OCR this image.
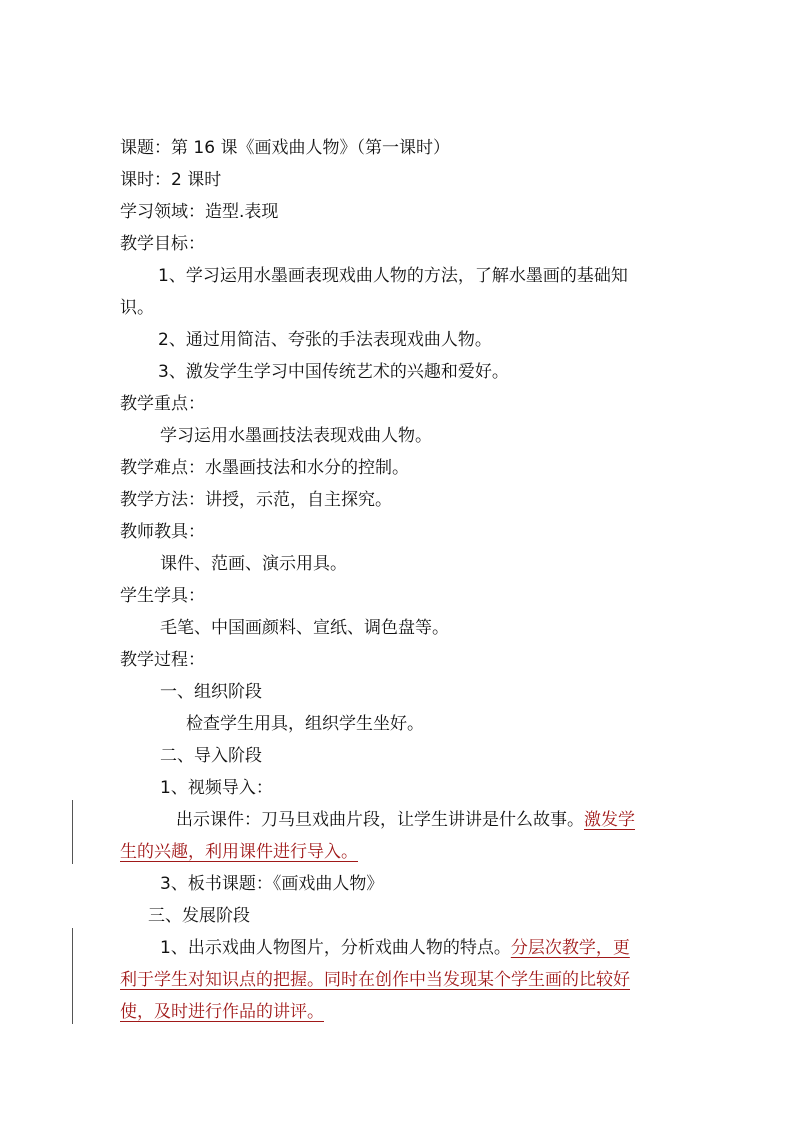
课题：第 16 课《画戏曲人物》（第一课时）
课时：2 课时
学习领域：造型.表现
教学目标：
1、学习运用水墨画表现戏曲人物的方法，了解水墨画的基础知
识。
2、通过用简洁、夸张的手法表现戏曲人物。
3、激发学生学习中国传统艺术的兴趣和爱好。
教学重点：
学习运用水墨画技法表现戏曲人物。
教学难点：水墨画技法和水分的控制。
教学方法：讲授，示范，自主探究。
教师教具：
课件、范画、演示用具。
学生学具：
毛笔、中国画颜料、宣纸、调色盘等。
教学过程：
一、组织阶段
检查学生用具，组织学生坐好。
二、导入阶段
1、视频导入：
出示课件：刀马旦戏曲片段，让学生讲讲是什么故事。激发学
生的兴趣，利用课件进行导入。
3、板书课题：《画戏曲人物》
三、发展阶段
1、出示戏曲人物图片，分析戏曲人物的特点。分层次教学，更
利于学生对知识点的把握。同时在创作中当发现某个学生画的比较好
使，及时进行作品的讲评。
